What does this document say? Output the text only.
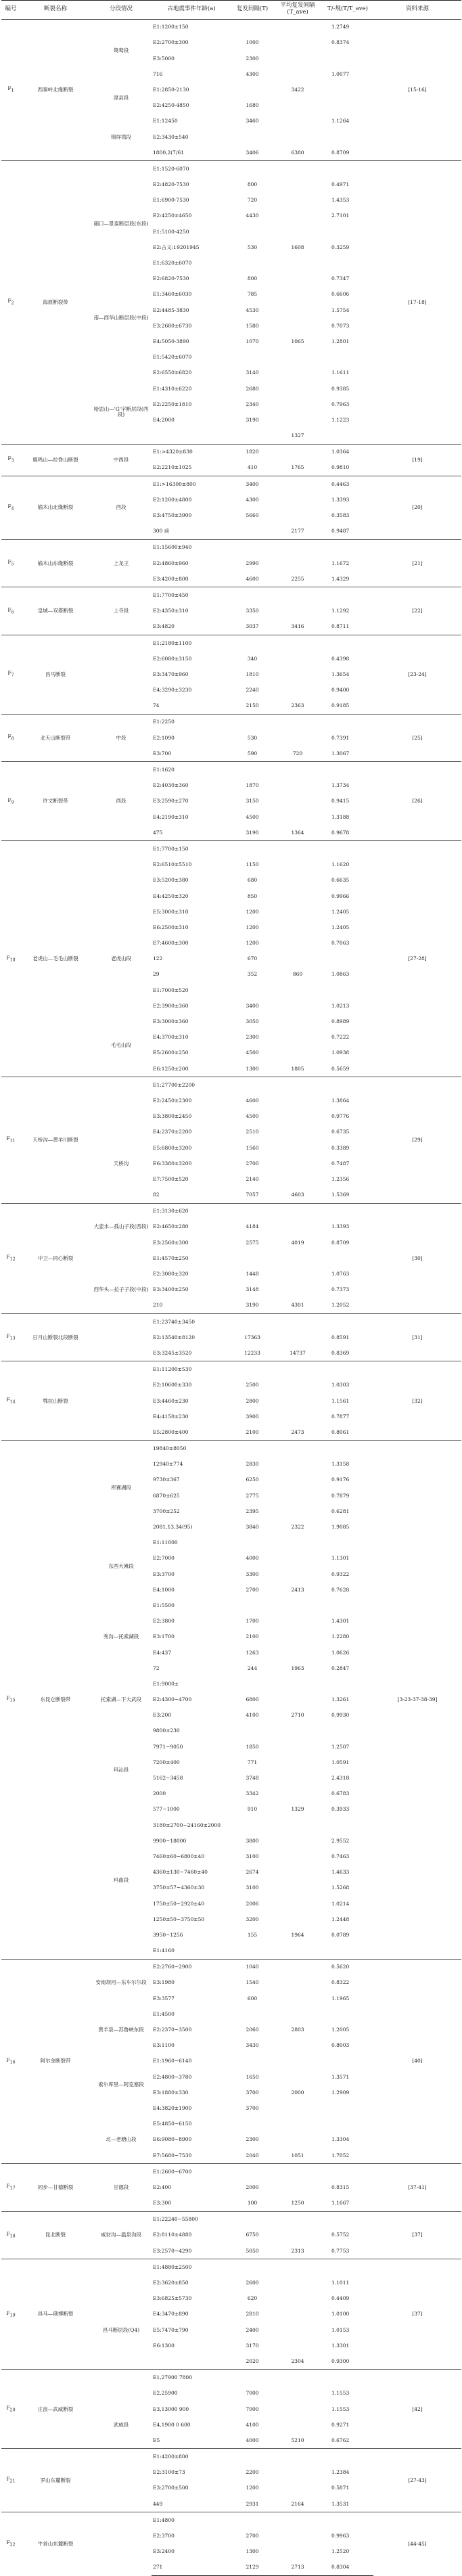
编号	断裂名称	分段情况	古地震事件年龄(a)	复发间隔(T)	平均复发间隔(T_ave)	T/-规(T/T_ave)	资料来源
$F_1$	西秦岭北缘断裂	鸳鸯段	E1:1200±150			1.2749	[15-16]
			E2:2700±300	1000		0.8374	
			E3:5000	2300			
			716	4300		1.0077	
		漳县段	E1:2850-2130		3422		
			E2:4250-4850	1680			
		锦屏湾段	E1:12450	3460		1.1264	
			E2:3430±540				
			1800,2(7/61	3406	6380	0.8709	
$F_2$	海原断裂带		E1:1520-6070				[17-18]
			E2:4820-7530	800		0.4971	
		硝口—景泰断层段(东段)	E1:6900-7530	720		1.4353	
			E2:4250±4650	4430		2.7101	
			E1:5100-4250				
			E2:古义:19201945	530	1608	0.3259	
			E1:6320±6070				
			E2:6820-7530	800		0.7347	
		南—西华山断层段(中段)	E1:3460±6030	785		0.6606	
			E2:4485-3830	4530		1.5754	
			E3:2680±6730	1580		0.7073	
			E4:5050-3890	1070	1065	1.2801	
			E1:5420±6070				
			E2:6550±6820	3140		1.1611	
		哈思山—'G'字断层段(西段)	E1:4310±6220	2680		0.9385	
			E2:2250±1810	2340		0.7963	
			E4:2000	3190		1.1223	
					1327		
$F_3$	鹿鸣山—拉脊山断裂	中西段	E1:>4320±830	1820		1.0364	[19]
			E2:2210±1025	410	1765	0.9810	
$F_4$	榆木山北缘断裂	西段	E1:>16300±800	3400		0.4463	[20]
			E2:1200±4800	4300		1.3393	
			E3:4750±3900	5660		0.3583	
			300 前		2177	0.9487	
$F_5$	榆木山东缘断裂	上龙王	E1:15600±940				[21]
			E2:4860±960	2990		1.1672	
			E3:4200±800	4600	2255	1.4329	
$F_6$	皇城—双塔断裂	上寺段	E1:7700±450				[22]
			E2:4350±310	3350		1.1292	
			E3:4820	3037	3416	0.8711	
$F_7$	昌马断裂		E1:2180±1100				[23-24]
			E2:6080±3150	340		0.4398	
			E3:3470±960	1810		1.3654	
			E4:3290±3230	2240		0.9400	
			74	2150	2363	0.9185	
$F_8$	北天山断裂带	中段	E1:2250				[25]
			E2:1090	530		0.7391	
			E3:700	590	720	1.3067	
$F_9$	许文断裂带	西段	E1:1620				[26]
			E2:4030±360	1870		1.3734	
			E3:2590±270	3150		0.9415	
			E4:2190±310	4500		1.3188	
			475	3190	1364	0.9678	
$F_{10}$	老虎山—毛毛山断裂		E1:7700±150				[27-28]
			E2:6510±5510	1150		1.1620	
			E3:5200±380	680		0.6635	
			E4:4250±320	850		0.9966	
			E5:3000±310	1200		1.2405	
			E6:2500±310	1200		1.2405	
		老虎山段	E7:4600±300	1200		0.7063	
			122	670			
			29	352	860	1.0863	
			E1:7000±520				
			E2:3900±360	3400		1.0213	
		毛毛山段	E3:3000±360	3050		0.8989	
			E4:3700±310	2300		0.7222	
			E5:2600±250	4500		1.0938	
			E6:1250±200	1300	1805	0.5659	
$F_{11}$	天桥沟—黄羊川断裂		E1:27700±2200				[29]
			E2:2450±2300	4600		1.3864	
			E3:3800±2450	4500		0.9776	
		天桥沟	E4:2370±2200	2510		0.6735	
			E5:6800±3200	1560		0.3389	
			E6:3380±3200	2700		0.7487	
			E7:7500±520	2140		1.2356	
			82	7057	4603	1.5369	
$F_{12}$	中卫—同心断裂	大壶水—孤山子段(西段)	E1:3130±620				[30]
			E2:4650±280	4184		1.3393	
			E3:2560±300	2575	4019	0.8709	
			E1:4570±250				
		西华头—拉子子段(中段)	E2:3080±320	1448		1.0763	
			E3:3400±250	3148		0.7373	
			210	3190	4301	1.2052	
$F_{13}$	日月山断裂北段断裂		E1:23740±3450				[31]
			E2:13540±8120	17363		0.8591	
			E3:3245±3520	12233	14737	0.8369	
$F_{14}$	鄂拉山断裂		E1:11200±530				[32]
			E2:10600±330	2500		1.0303	
			E3:4460±230	2800		1.1561	
			E4:4150±230	3900		0.7877	
			E5:2800±400	2100	2473	0.8061	
$F_{15}$	东昆仑断裂带	库赛湖段	19840±8050				[3-23-37-38-39]
			12940±774	2830		1.3158	
			9730±367	6250		0.9176	
			6870±625	2775		0.7879	
			3700±252	2395		0.6281	
			2081,13,34(95)	3840	2322	1.9085	
		东西大滩段	E1:11000				
			E2:7000	4000		1.1301	
			E3:3700	3300		0.9322	
			E4:1000	2700	2413	0.7628	
		秀沟—托索湖段	E1:5500				
			E2:3800	1700		1.4301	
			E3:1700	2100		1.2280	
			E4:437	1263		1.0626	
			72	244	1963	0.2847	
		托索湖—下大武段	E1:9000±				
			E2:4300~4700	6800		1.3261	
			E3:200	4100	2710	0.9930	
		玛沁段	9800±230				
			7971~9050	1850		1.2507	
			7200±400	771		1.0591	
			5162~3458	3748		2.4318	
			2000	3342		0.6783	
			577~1000	910	1329	0.3933	
		玛曲段	3180±2700~24160±2000				
			9900~18000	3800		2.9552	
			7460±60~6800±40	3100		0.7463	
			4360±130~7460±40	2674		1.4633	
			3750±57~4360±30	3100		1.5268	
			1750±50~2920±40	2006		1.0214	
			1250±50~3750±50	3200		1.2448	
			3950~1256	155	1964	0.0789	
			E1:4160				
$F_{16}$	阿尔金断裂带	安南坝河—东车尔尔段	E2:2760~2900	1040		0.5620	[40]
			E3:1980	1540		0.8322	
			E3:3577	600		1.1965	
		黄羊泉—苏鲁峡东段	E1:4500				
			E2:2370~3500	2060	2803	1.2005	
			E3:1100	3430		0.8003	
		索尔库里—阿克塞段	E1:1960~6140				
			E2:4800~3780	1650		1.3571	
			E3:1880±330	3700	2000	1.2909	
			E4:3820±1900	3700			
		北—老塘山段	E5:4850~6150				
			E6:9080~8900	2300		1.3304	
			E7:5680~7530	2040	1051	1.7052	
$F_{17}$	同步—甘德断裂	甘德段	E1:2600~6700				[37-41]
			E2:400	2000		0.8315	
			E3:300	100	1250	1.1667	
$F_{18}$	昆北断裂	咸豺沟—温泉沟段	E1:22240~55800				[37]
			E2:8110±4880	6750		0.5752	
			E3:2570~4290	5050	2313	0.7753	
$F_{19}$	昌马—俄博断裂		E1:4880±2500				[37]
			E2:3620±850	2600		1.1011	
		昌马断层段(Q4)	E3:6825±5730	620		0.4409	
			E4:3470±890	2810		1.0100	
			E5:7470±790	2400		1.0153	
			E6:1300	3170		1.3301	
				2020	2304	0.9300	
$F_{20}$	庄浪—武威断裂		E1,27900 7800				[42]
			E2,25900	7000		1.1553	
		武威段	E3,13000 900	7000		1.1553	
			E4,1900 0 600	4100		0.9271	
			E5	4000	5210	0.6762	
$F_{21}$	罗山东麓断裂		E1:4200±800				[27-43]
			E2:3100±73	2200		1.2384	
			E3:2700±500	1200		0.5871	
			449	2931	2164	1.3531	
$F_{22}$	牛首山东麓断裂		E1:4800				[44-45]
			E2:3700	2700		0.9963	
			E3:2400	1300		1.2520	
			271	2129	2713	0.8304	
